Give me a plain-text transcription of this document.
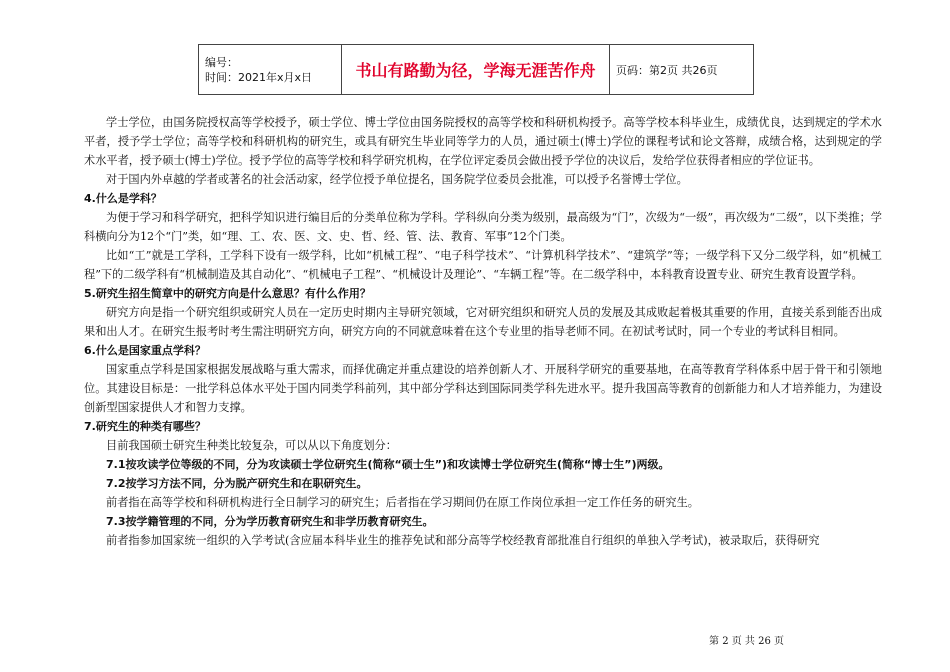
编号：
时间：2021年x月x日	书山有路勤为径，学海无涯苦作舟	页码：第2页 共26页

学士学位，由国务院授权高等学校授予，硕士学位、博士学位由国务院授权的高等学校和科研机构授予。高等学校本科毕业生，成绩优良，达到规定的学术水平者，授予学士学位；高等学校和科研机构的研究生，或具有研究生毕业同等学力的人员，通过硕士(博士)学位的课程考试和论文答辩，成绩合格，达到规定的学术水平者，授予硕士(博士)学位。授予学位的高等学校和科学研究机构，在学位评定委员会做出授予学位的决议后，发给学位获得者相应的学位证书。

对于国内外卓越的学者或著名的社会活动家，经学位授予单位提名，国务院学位委员会批准，可以授予名誉博士学位。

4.什么是学科？

为便于学习和科学研究，把科学知识进行编目后的分类单位称为学科。学科纵向分类为级别，最高级为“门”，次级为“一级”，再次级为“二级”，以下类推；学科横向分为12个“门”类，如“理、工、农、医、文、史、哲、经、管、法、教育、军事”12个门类。

比如“工”就是工学科，工学科下设有一级学科，比如“机械工程”、“电子科学技术”、“计算机科学技术”、“建筑学”等；一级学科下又分二级学科，如“机械工程”下的二级学科有“机械制造及其自动化”、“机械电子工程”、“机械设计及理论”、“车辆工程”等。在二级学科中，本科教育设置专业、研究生教育设置学科。

5.研究生招生简章中的研究方向是什么意思？有什么作用？

研究方向是指一个研究组织或研究人员在一定历史时期内主导研究领域，它对研究组织和研究人员的发展及其成败起着极其重要的作用，直接关系到能否出成果和出人才。在研究生报考时考生需注明研究方向，研究方向的不同就意味着在这个专业里的指导老师不同。在初试考试时，同一个专业的考试科目相同。

6.什么是国家重点学科？

国家重点学科是国家根据发展战略与重大需求，而择优确定并重点建设的培养创新人才、开展科学研究的重要基地，在高等教育学科体系中居于骨干和引领地位。其建设目标是：一批学科总体水平处于国内同类学科前列，其中部分学科达到国际同类学科先进水平。提升我国高等教育的创新能力和人才培养能力，为建设创新型国家提供人才和智力支撑。

7.研究生的种类有哪些？

目前我国硕士研究生种类比较复杂，可以从以下角度划分：

7.1按攻读学位等级的不同，分为攻读硕士学位研究生(简称“硕士生”)和攻读博士学位研究生(简称“博士生”)两级。

7.2按学习方法不同，分为脱产研究生和在职研究生。

前者指在高等学校和科研机构进行全日制学习的研究生；后者指在学习期间仍在原工作岗位承担一定工作任务的研究生。

7.3按学籍管理的不同，分为学历教育研究生和非学历教育研究生。

前者指参加国家统一组织的入学考试(含应届本科毕业生的推荐免试和部分高等学校经教育部批准自行组织的单独入学考试)，被录取后，获得研究

第 2 页 共 26 页
